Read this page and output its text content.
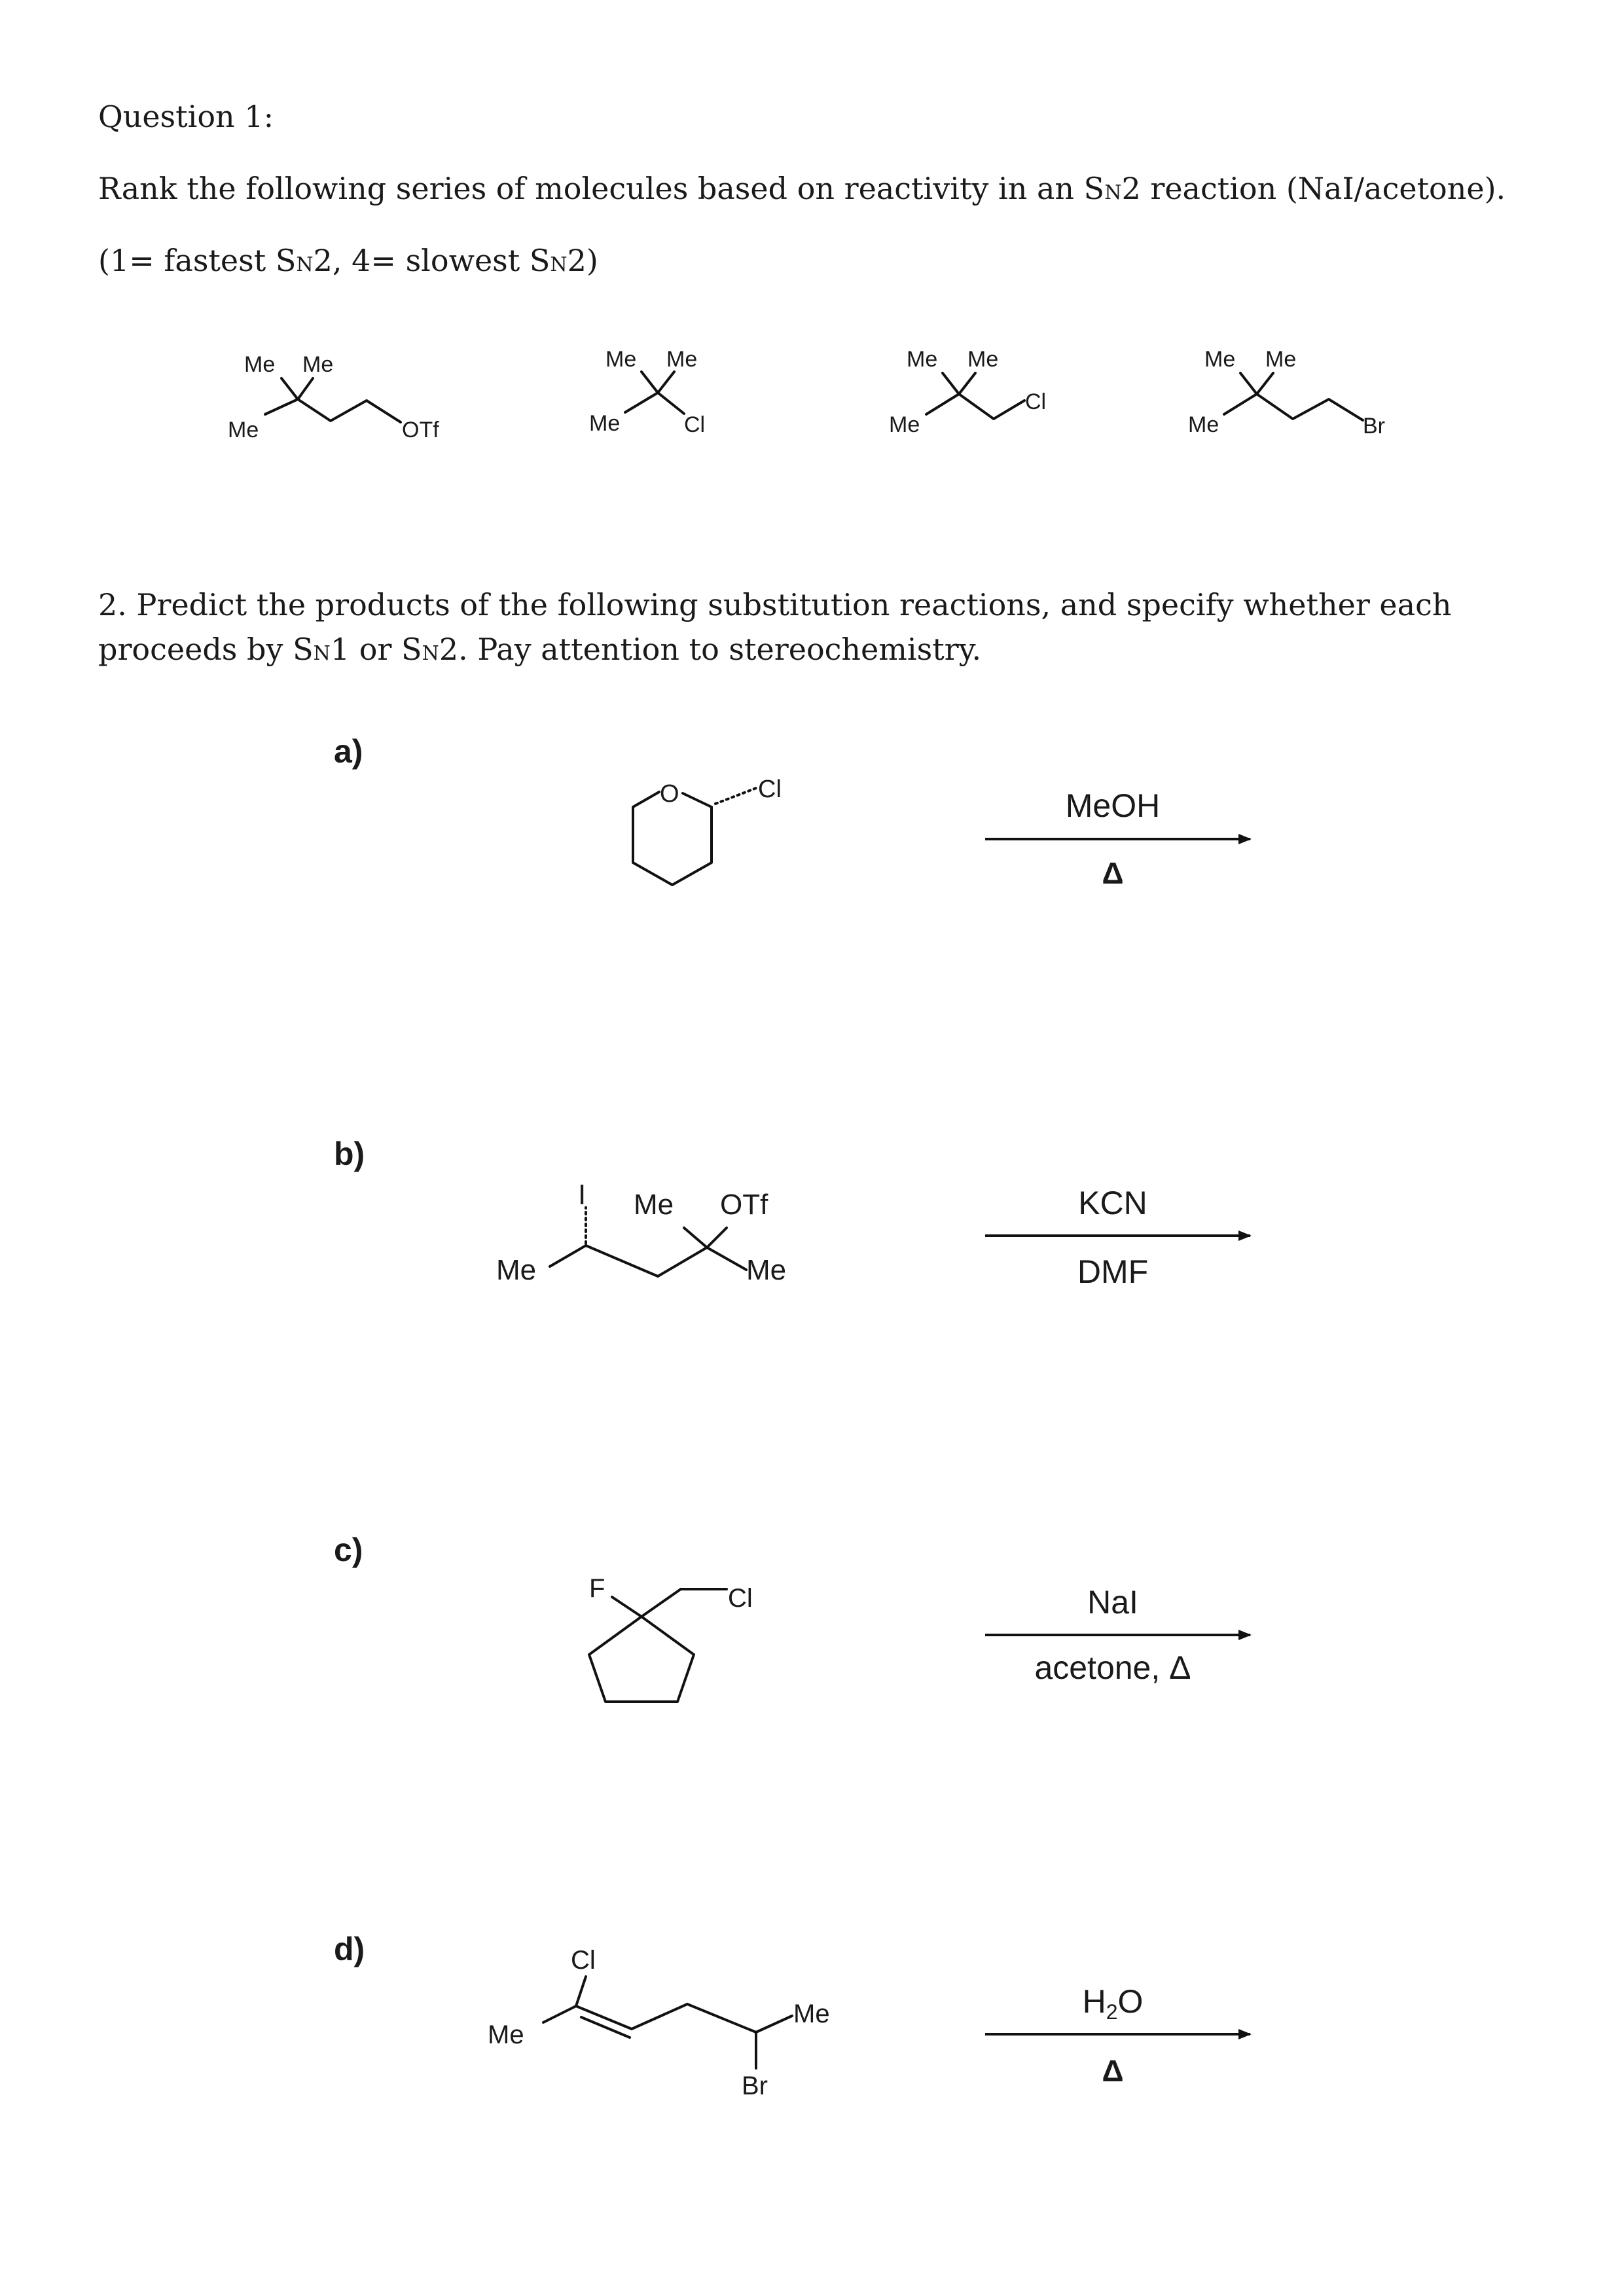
Question 1:
Rank the following series of molecules based on reactivity in an SN2 reaction (NaI/acetone).
(1= fastest SN2, 4= slowest SN2)
2. Predict the products of the following substitution reactions, and specify whether each proceeds by SN1 or SN2. Pay attention to stereochemistry.
Me Me
Me	OTf
Me Me
Me	Cl
Me Me
Me
Cl
Me Me
Me	Br
a)
O	Cl	MeOH
Δ
b)
I Me OTf
Me	Me
KCN
DMF
c)
F	Cl	NaI
acetone, Δ
d)	Cl
Me
Me
Br
$H_2O$
Δ
